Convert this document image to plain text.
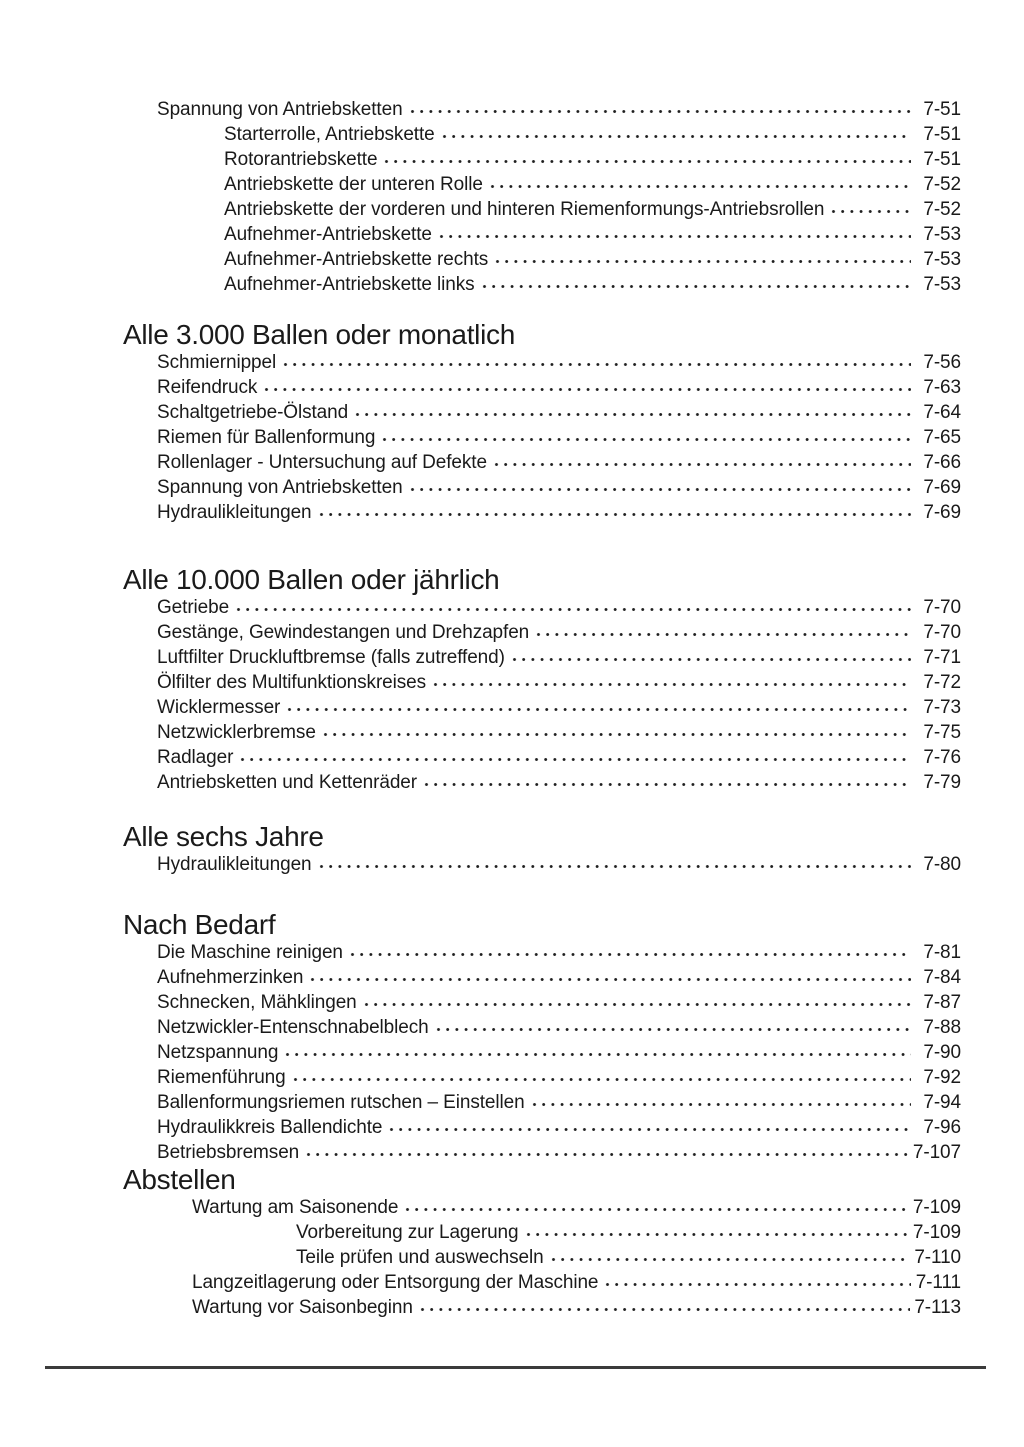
Spannung von Antriebsketten	7-51
Starterrolle, Antriebskette	7-51
Rotorantriebskette	7-51
Antriebskette der unteren Rolle	7-52
Antriebskette der vorderen und hinteren Riemenformungs-Antriebsrollen	7-52
Aufnehmer-Antriebskette	7-53
Aufnehmer-Antriebskette rechts	7-53
Aufnehmer-Antriebskette links	7-53
Alle 3.000 Ballen oder monatlich
Schmiernippel	7-56
Reifendruck	7-63
Schaltgetriebe-Ölstand	7-64
Riemen für Ballenformung	7-65
Rollenlager - Untersuchung auf Defekte	7-66
Spannung von Antriebsketten	7-69
Hydraulikleitungen	7-69
Alle 10.000 Ballen oder jährlich
Getriebe	7-70
Gestänge, Gewindestangen und Drehzapfen	7-70
Luftfilter Druckluftbremse (falls zutreffend)	7-71
Ölfilter des Multifunktionskreises	7-72
Wicklermesser	7-73
Netzwicklerbremse	7-75
Radlager	7-76
Antriebsketten und Kettenräder	7-79
Alle sechs Jahre
Hydraulikleitungen	7-80
Nach Bedarf
Die Maschine reinigen	7-81
Aufnehmerzinken	7-84
Schnecken, Mähklingen	7-87
Netzwickler-Entenschnabelblech	7-88
Netzspannung	7-90
Riemenführung	7-92
Ballenformungsriemen rutschen – Einstellen	7-94
Hydraulikkreis Ballendichte	7-96
Betriebsbremsen	7-107
Abstellen
Wartung am Saisonende	7-109
Vorbereitung zur Lagerung	7-109
Teile prüfen und auswechseln	7-110
Langzeitlagerung oder Entsorgung der Maschine	7-111
Wartung vor Saisonbeginn	7-113
